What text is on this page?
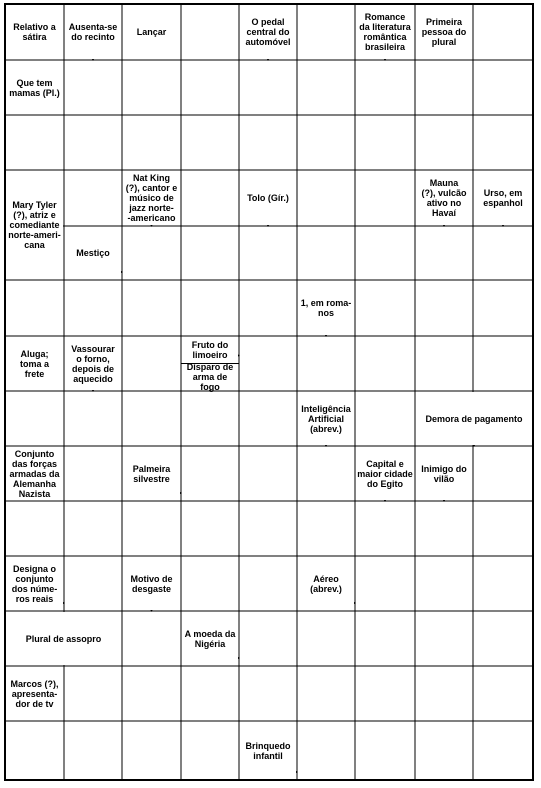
Relativo a
sátira
Ausenta-se
do recinto	Lançar
O pedal
central do
automóvel
Romance
da literatura
romântica
brasileira
Primeira
pessoa do
plural
Que tem
mamas (Pl.)
Nat King
(?), cantor e
músico de
jazz norte-
-americano
Tolo (Gír.)
Mauna
(?), vulcão
ativo no
Havaí
Urso, em
espanhol
Mary Tyler
(?), atriz e
comediante
norte-ameri-
cana
Mestiço
1, em roma-
nos
Aluga;
toma a
frete
Vassourar
o forno,
depois de
aquecido
Fruto do
limoeiro
Disparo de
arma de fogo
Inteligência
Artificial
(abrev.)
Demora de pagamento
Conjunto
das forças
armadas da
Alemanha
Nazista
Palmeira
silvestre
Capital e
maior cidade
do Egito
Inimigo do
vilão
Designa o
conjunto
dos núme-
ros reais
Motivo de
desgaste
Aéreo
(abrev.)
Plural de assopro	A moeda da
Nigéria
Marcos (?),
apresenta-
dor de tv
Brinquedo
infantil
